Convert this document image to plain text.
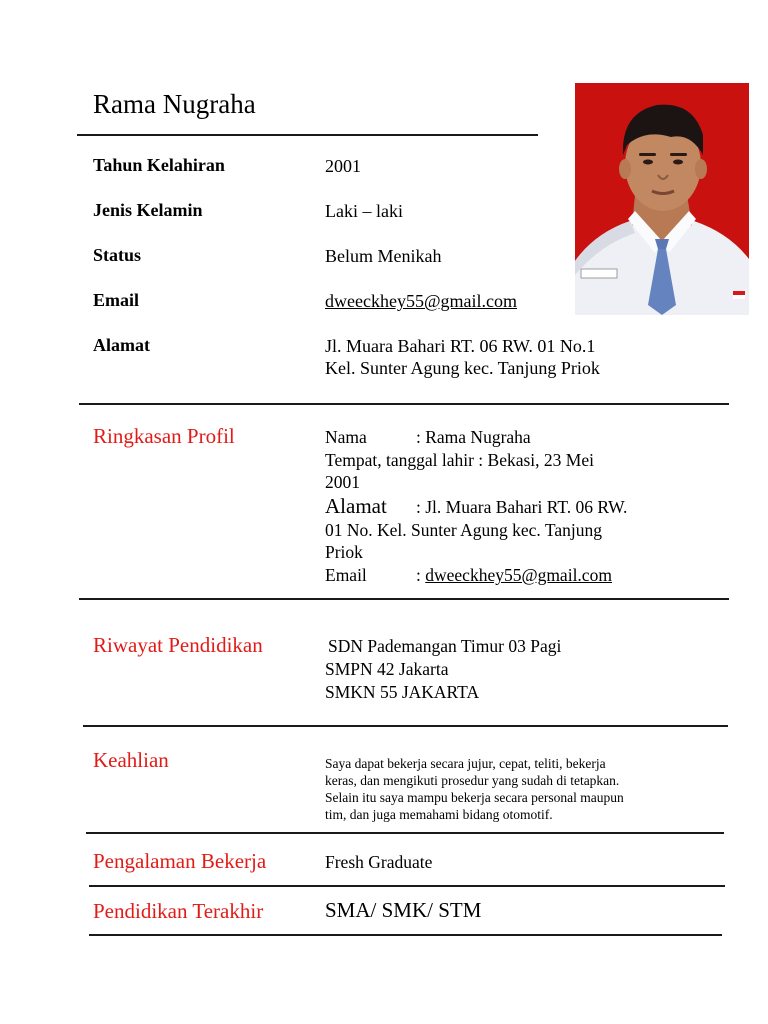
Rama Nugraha
Tahun Kelahiran	2001
Jenis Kelamin	Laki – laki
Status	Belum Menikah
Email	dweeckhey55@gmail.com
Alamat	Jl. Muara Bahari RT. 06 RW. 01 No.1
Kel. Sunter Agung kec. Tanjung Priok
Ringkasan Profil	Nama	: Rama Nugraha
Tempat, tanggal lahir : Bekasi, 23 Mei
2001
Alamat : Jl. Muara Bahari RT. 06 RW.
01 No. Kel. Sunter Agung kec. Tanjung
Priok
Email	: dweeckhey55@gmail.com
Riwayat Pendidikan	SDN Pademangan Timur 03 Pagi
SMPN 42 Jakarta
SMKN 55 JAKARTA
Keahlian	Saya dapat bekerja secara jujur, cepat, teliti, bekerja
keras, dan mengikuti prosedur yang sudah di tetapkan.
Selain itu saya mampu bekerja secara personal maupun
tim, dan juga memahami bidang otomotif.
Pengalaman Bekerja	Fresh Graduate
Pendidikan Terakhir	SMA/ SMK/ STM
